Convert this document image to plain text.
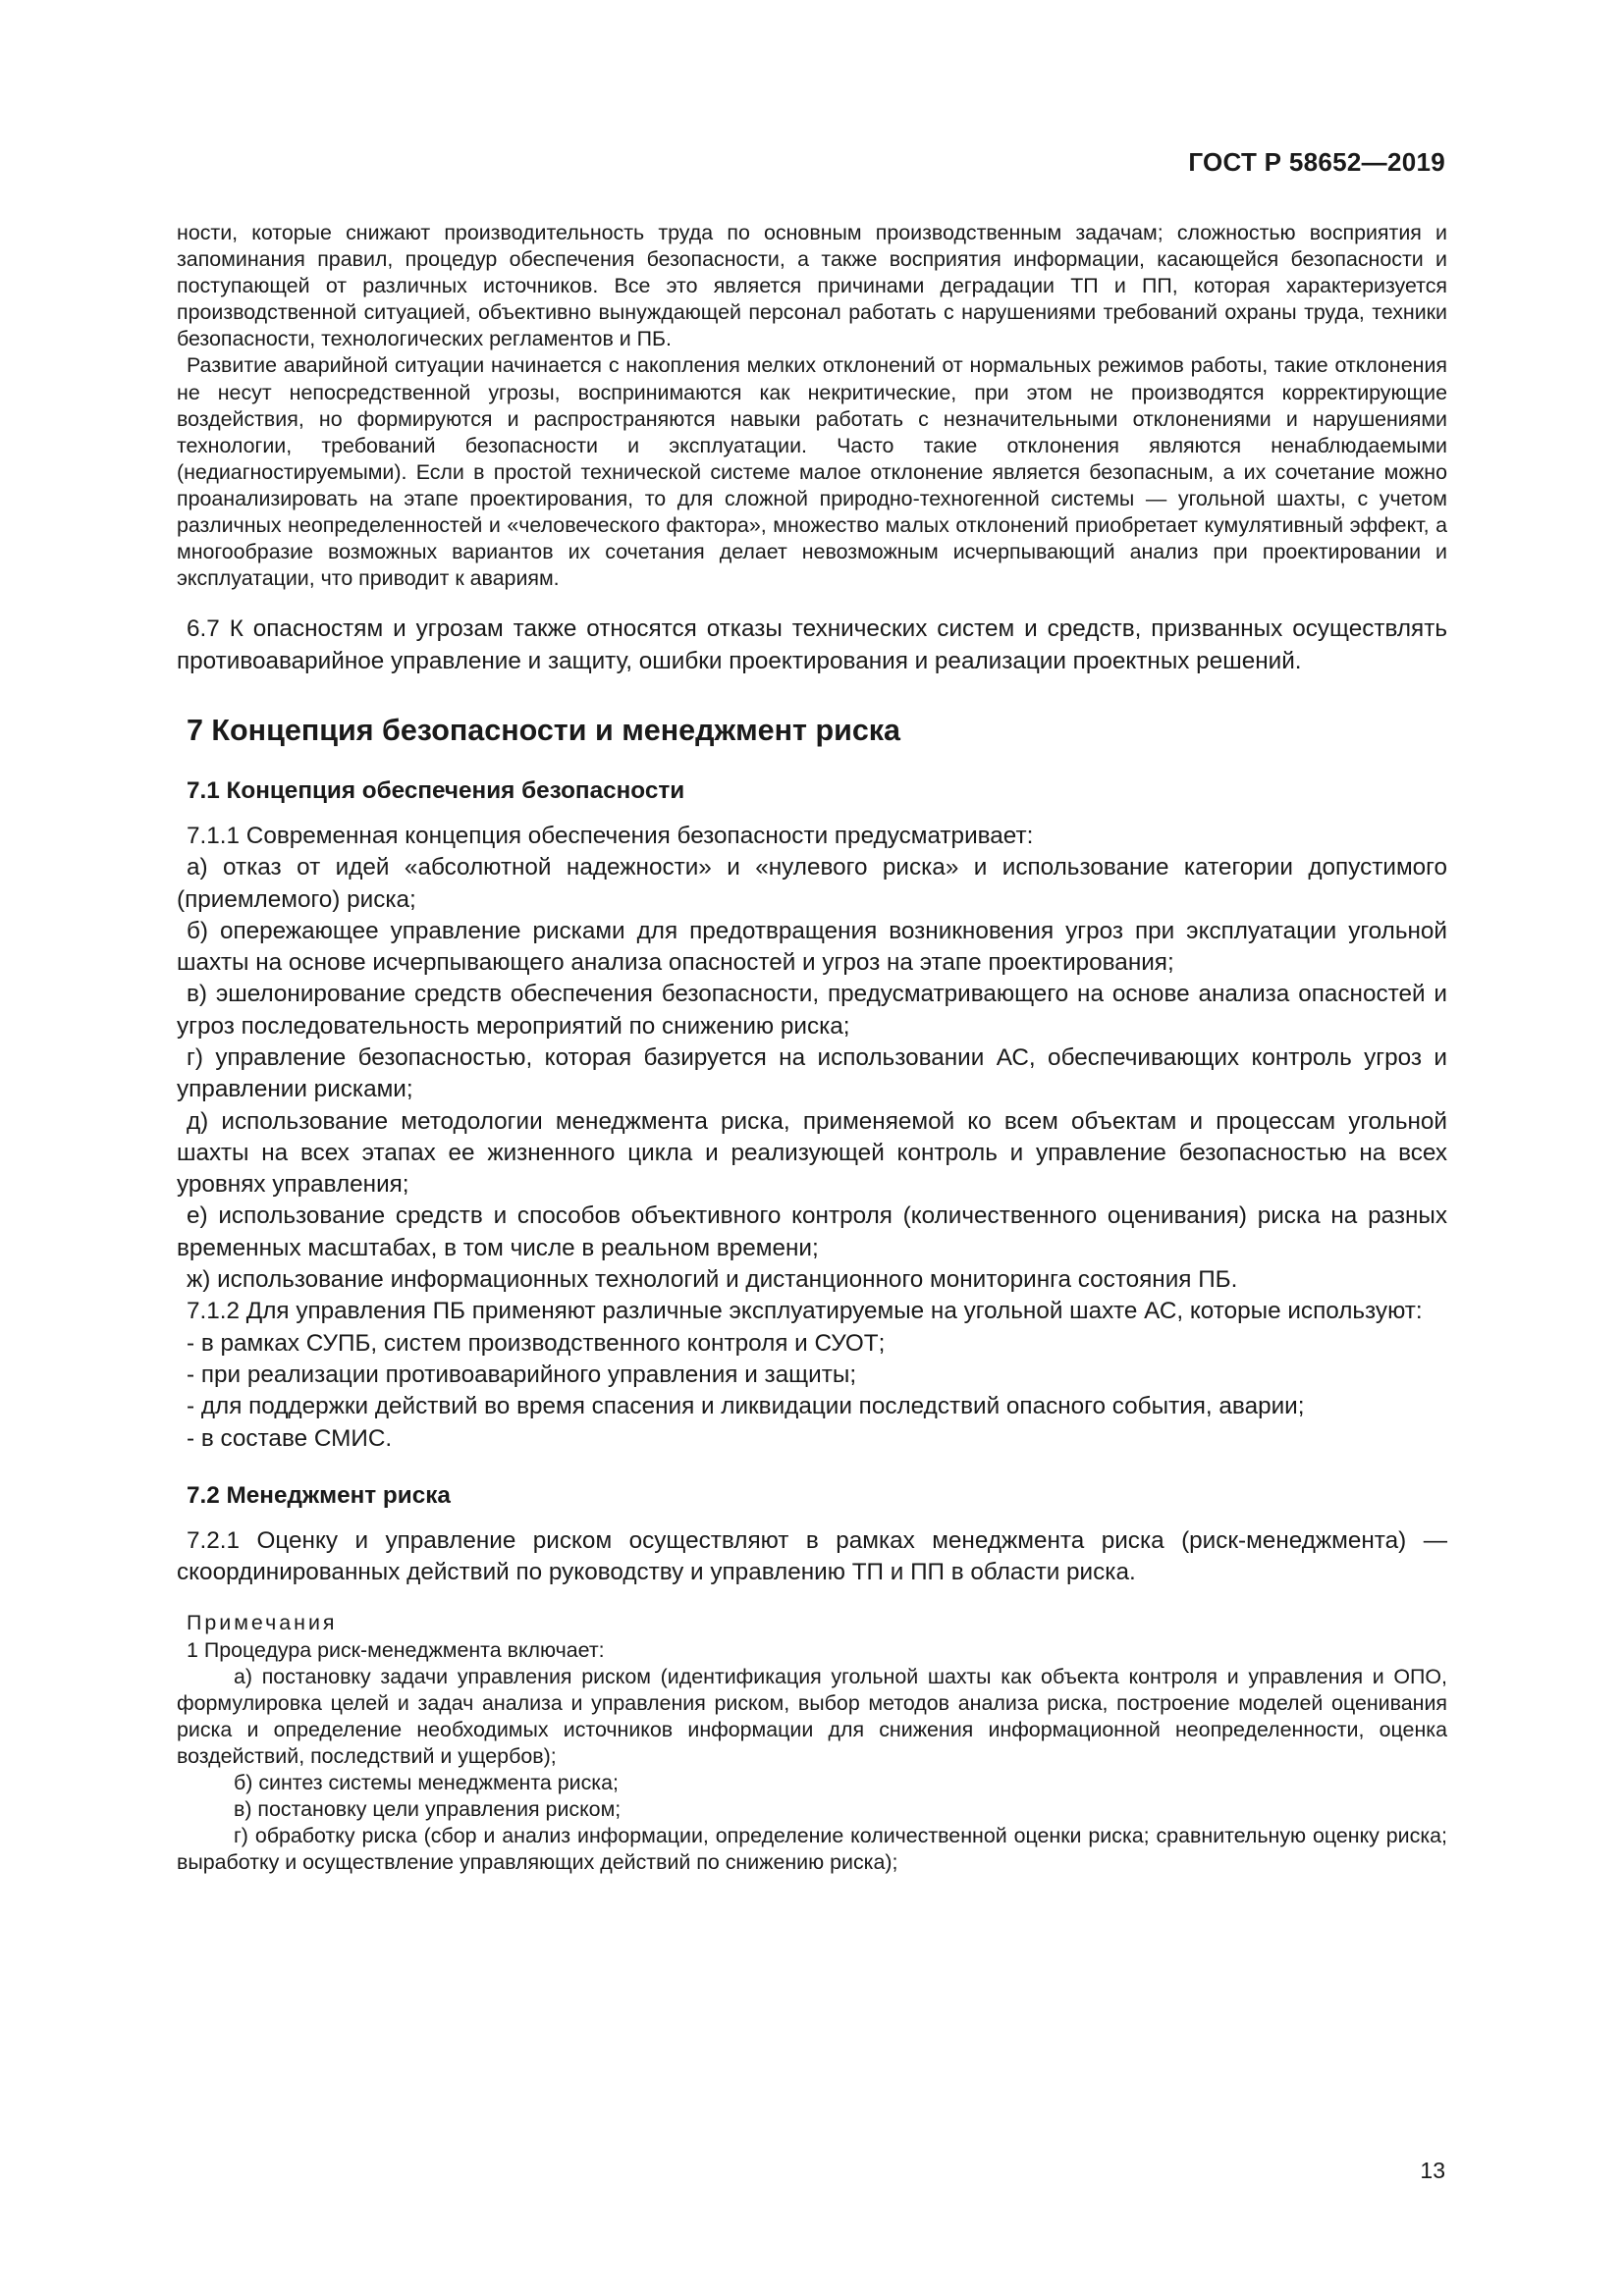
ГОСТ Р 58652—2019

ности, которые снижают производительность труда по основным производственным задачам; сложностью восприятия и запоминания правил, процедур обеспечения безопасности, а также восприятия информации, касающейся безопасности и поступающей от различных источников. Все это является причинами деградации ТП и ПП, которая характеризуется производственной ситуацией, объективно вынуждающей персонал работать с нарушениями требований охраны труда, техники безопасности, технологических регламентов и ПБ.

Развитие аварийной ситуации начинается с накопления мелких отклонений от нормальных режимов работы, такие отклонения не несут непосредственной угрозы, воспринимаются как некритические, при этом не производятся корректирующие воздействия, но формируются и распространяются навыки работать с незначительными отклонениями и нарушениями технологии, требований безопасности и эксплуатации. Часто такие отклонения являются ненаблюдаемыми (недиагностируемыми). Если в простой технической системе малое отклонение является безопасным, а их сочетание можно проанализировать на этапе проектирования, то для сложной природно-техногенной системы — угольной шахты, с учетом различных неопределенностей и «человеческого фактора», множество малых отклонений приобретает кумулятивный эффект, а многообразие возможных вариантов их сочетания делает невозможным исчерпывающий анализ при проектировании и эксплуатации, что приводит к авариям.

6.7 К опасностям и угрозам также относятся отказы технических систем и средств, призванных осуществлять противоаварийное управление и защиту, ошибки проектирования и реализации проектных решений.

7 Концепция безопасности и менеджмент риска
7.1 Концепция обеспечения безопасности

7.1.1 Современная концепция обеспечения безопасности предусматривает:

а) отказ от идей «абсолютной надежности» и «нулевого риска» и использование категории допустимого (приемлемого) риска;

б) опережающее управление рисками для предотвращения возникновения угроз при эксплуатации угольной шахты на основе исчерпывающего анализа опасностей и угроз на этапе проектирования;

в) эшелонирование средств обеспечения безопасности, предусматривающего на основе анализа опасностей и угроз последовательность мероприятий по снижению риска;

г) управление безопасностью, которая базируется на использовании АС, обеспечивающих контроль угроз и управлении рисками;

д) использование методологии менеджмента риска, применяемой ко всем объектам и процессам угольной шахты на всех этапах ее жизненного цикла и реализующей контроль и управление безопасностью на всех уровнях управления;

е) использование средств и способов объективного контроля (количественного оценивания) риска на разных временных масштабах, в том числе в реальном времени;

ж) использование информационных технологий и дистанционного мониторинга состояния ПБ.

7.1.2 Для управления ПБ применяют различные эксплуатируемые на угольной шахте АС, которые используют:

- в рамках СУПБ, систем производственного контроля и СУОТ;

- при реализации противоаварийного управления и защиты;

- для поддержки действий во время спасения и ликвидации последствий опасного события, аварии;

- в составе СМИС.

7.2 Менеджмент риска

7.2.1 Оценку и управление риском осуществляют в рамках менеджмента риска (риск-менеджмента) — скоординированных действий по руководству и управлению ТП и ПП в области риска.

Примечания

1 Процедура риск-менеджмента включает:

а) постановку задачи управления риском (идентификация угольной шахты как объекта контроля и управления и ОПО, формулировка целей и задач анализа и управления риском, выбор методов анализа риска, построение моделей оценивания риска и определение необходимых источников информации для снижения информационной неопределенности, оценка воздействий, последствий и ущербов);

б) синтез системы менеджмента риска;

в) постановку цели управления риском;

г) обработку риска (сбор и анализ информации, определение количественной оценки риска; сравнительную оценку риска; выработку и осуществление управляющих действий по снижению риска);

13
